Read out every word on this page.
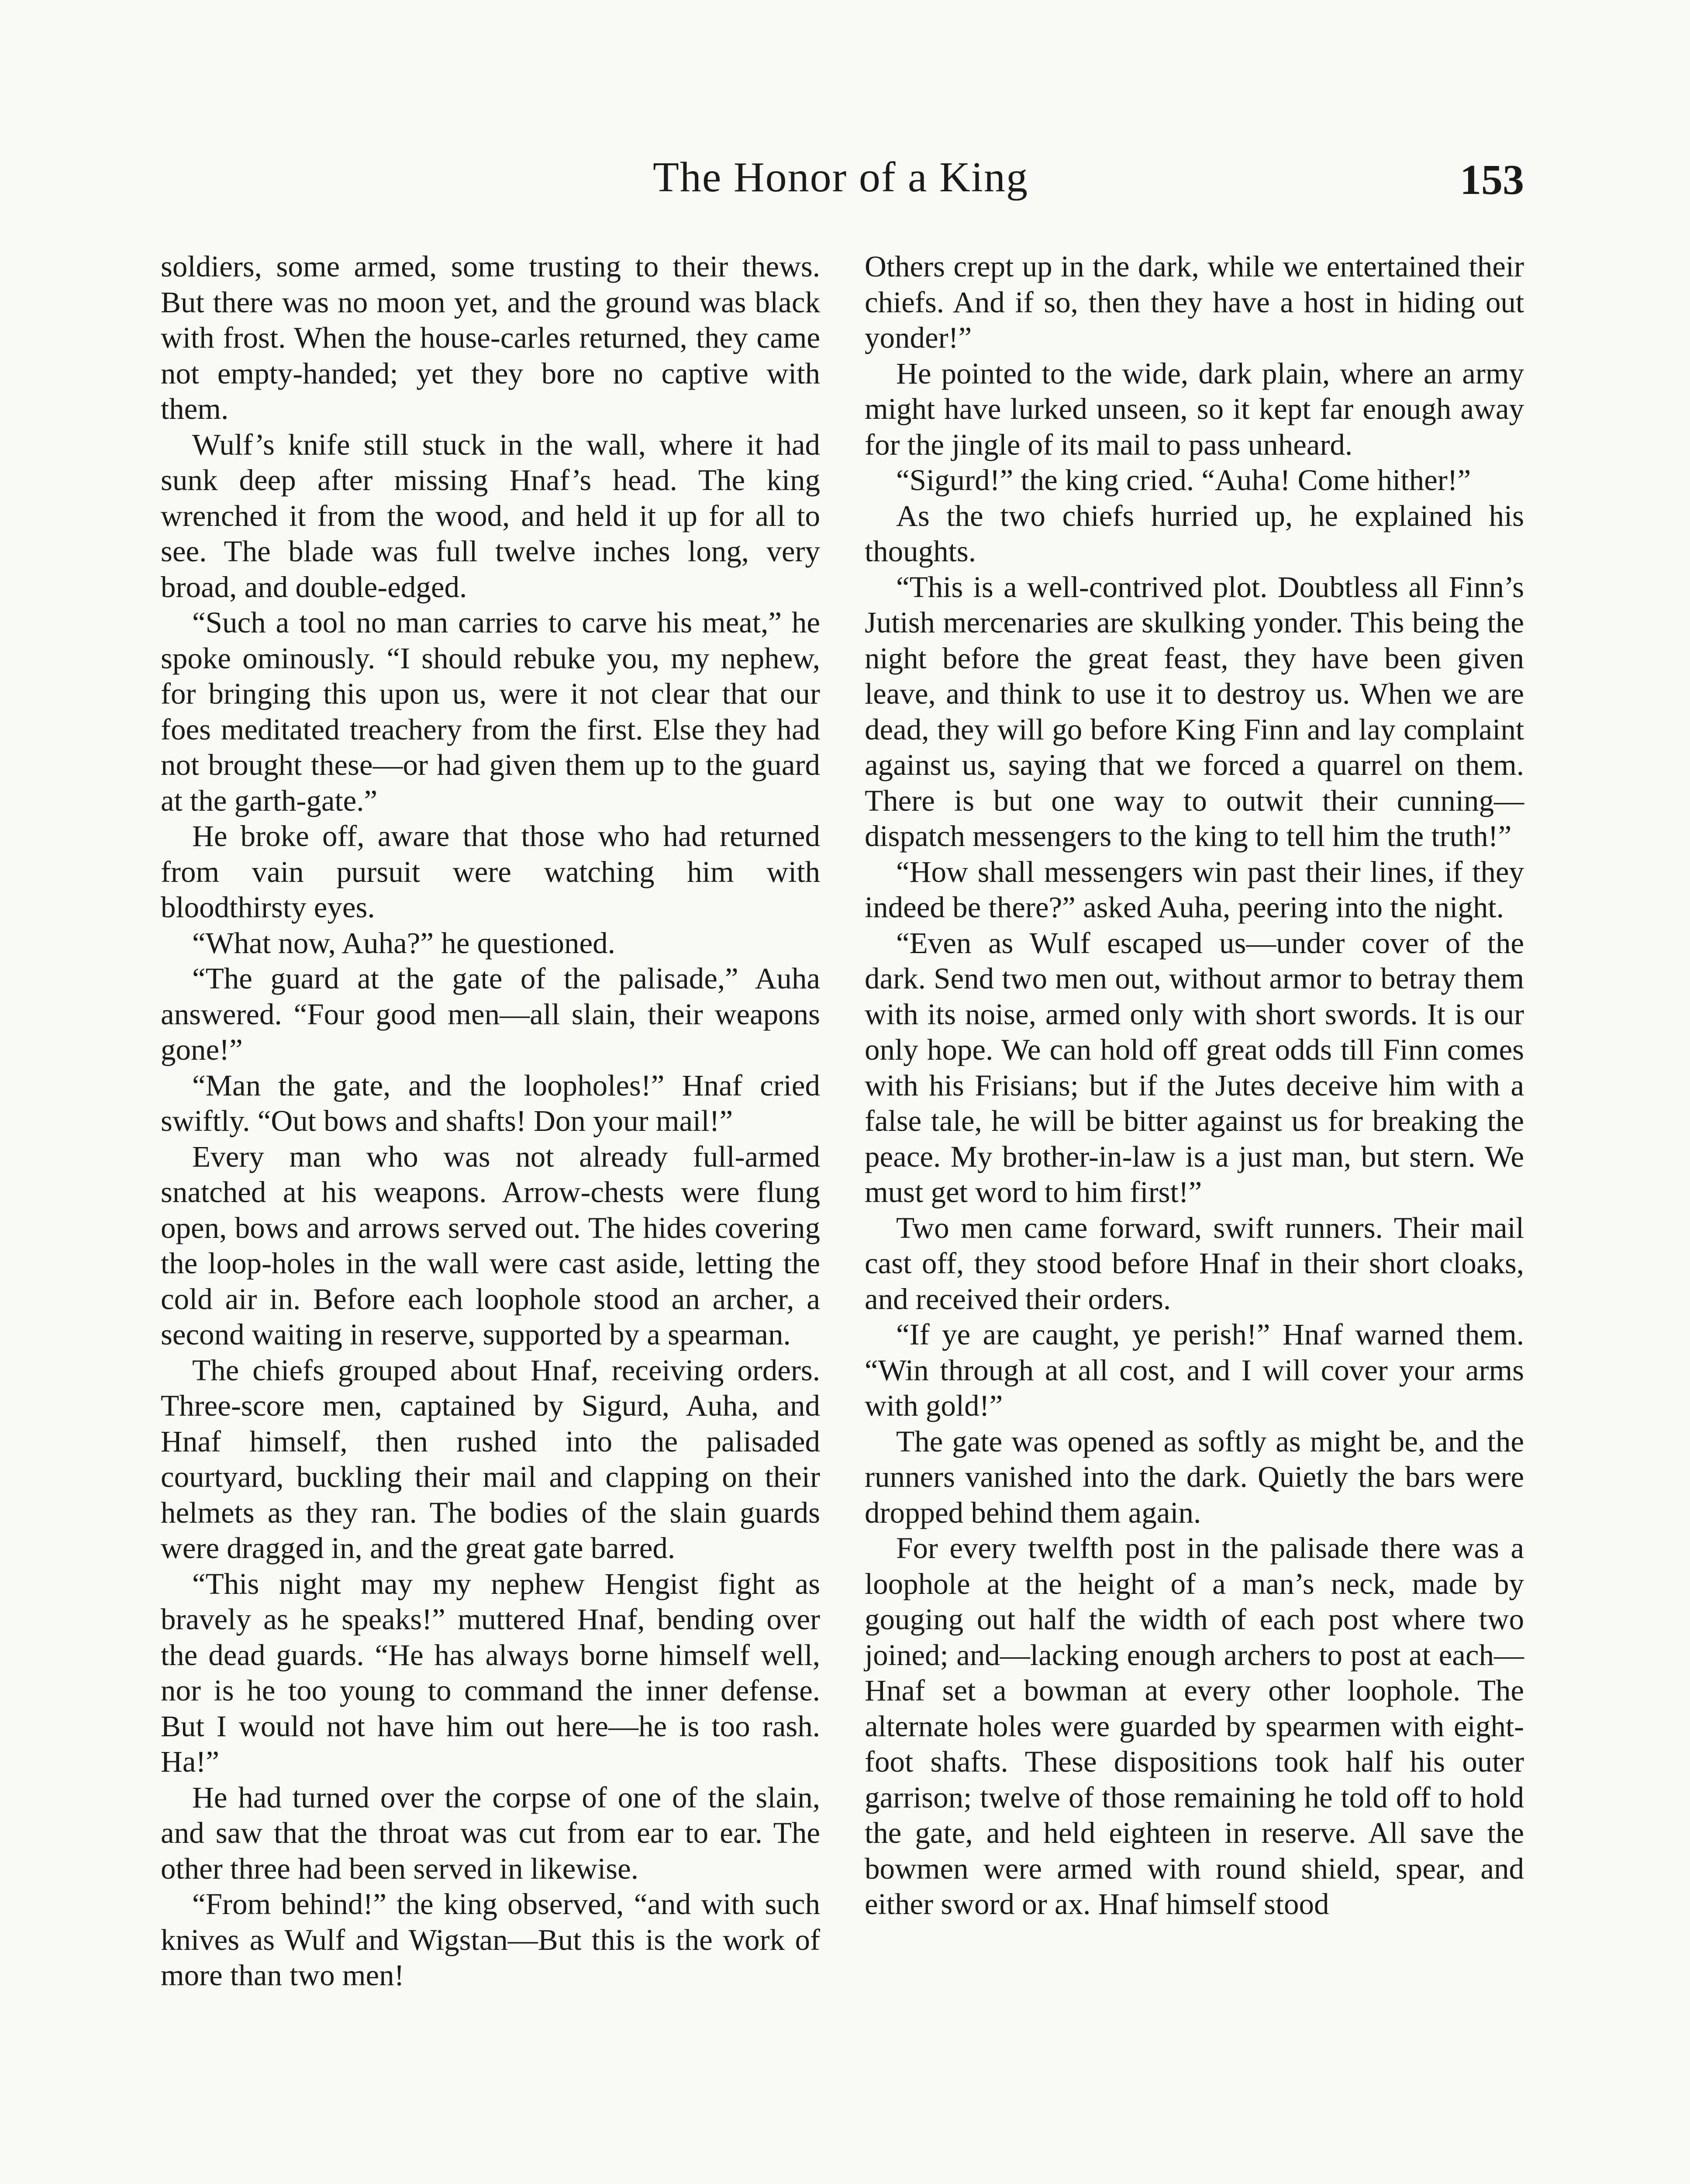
The Honor of a King	153

soldiers, some armed, some trusting to their thews. But there was no moon yet, and the ground was black with frost. When the house-carles returned, they came not empty-handed; yet they bore no captive with them.

Wulf’s knife still stuck in the wall, where it had sunk deep after missing Hnaf’s head. The king wrenched it from the wood, and held it up for all to see. The blade was full twelve inches long, very broad, and double-edged.

“Such a tool no man carries to carve his meat,” he spoke ominously. “I should rebuke you, my nephew, for bringing this upon us, were it not clear that our foes meditated treachery from the first. Else they had not brought these—or had given them up to the guard at the garth-gate.”

He broke off, aware that those who had returned from vain pursuit were watching him with bloodthirsty eyes.

“What now, Auha?” he questioned.

“The guard at the gate of the palisade,” Auha answered. “Four good men—all slain, their weapons gone!”

“Man the gate, and the loopholes!” Hnaf cried swiftly. “Out bows and shafts! Don your mail!”

Every man who was not already full-armed snatched at his weapons. Arrow-chests were flung open, bows and arrows served out. The hides covering the loop-holes in the wall were cast aside, letting the cold air in. Before each loophole stood an archer, a second waiting in reserve, supported by a spearman.

The chiefs grouped about Hnaf, receiving orders. Three-score men, captained by Sigurd, Auha, and Hnaf himself, then rushed into the palisaded courtyard, buckling their mail and clapping on their helmets as they ran. The bodies of the slain guards were dragged in, and the great gate barred.

“This night may my nephew Hengist fight as bravely as he speaks!” muttered Hnaf, bending over the dead guards. “He has always borne himself well, nor is he too young to command the inner defense. But I would not have him out here—he is too rash. Ha!”

He had turned over the corpse of one of the slain, and saw that the throat was cut from ear to ear. The other three had been served in likewise.

“From behind!” the king observed, “and with such knives as Wulf and Wigstan—But this is the work of more than two men!

Others crept up in the dark, while we entertained their chiefs. And if so, then they have a host in hiding out yonder!”

He pointed to the wide, dark plain, where an army might have lurked unseen, so it kept far enough away for the jingle of its mail to pass unheard.

“Sigurd!” the king cried. “Auha! Come hither!”

As the two chiefs hurried up, he explained his thoughts.

“This is a well-contrived plot. Doubtless all Finn’s Jutish mercenaries are skulking yonder. This being the night before the great feast, they have been given leave, and think to use it to destroy us. When we are dead, they will go before King Finn and lay complaint against us, saying that we forced a quarrel on them. There is but one way to outwit their cunning—dispatch messengers to the king to tell him the truth!”

“How shall messengers win past their lines, if they indeed be there?” asked Auha, peering into the night.

“Even as Wulf escaped us—under cover of the dark. Send two men out, without armor to betray them with its noise, armed only with short swords. It is our only hope. We can hold off great odds till Finn comes with his Frisians; but if the Jutes deceive him with a false tale, he will be bitter against us for breaking the peace. My brother-in-law is a just man, but stern. We must get word to him first!”

Two men came forward, swift runners. Their mail cast off, they stood before Hnaf in their short cloaks, and received their orders.

“If ye are caught, ye perish!” Hnaf warned them. “Win through at all cost, and I will cover your arms with gold!”

The gate was opened as softly as might be, and the runners vanished into the dark. Quietly the bars were dropped behind them again.

For every twelfth post in the palisade there was a loophole at the height of a man’s neck, made by gouging out half the width of each post where two joined; and—lacking enough archers to post at each—Hnaf set a bowman at every other loophole. The alternate holes were guarded by spearmen with eight-foot shafts. These dispositions took half his outer garrison; twelve of those remaining he told off to hold the gate, and held eighteen in reserve. All save the bowmen were armed with round shield, spear, and either sword or ax. Hnaf himself stood
